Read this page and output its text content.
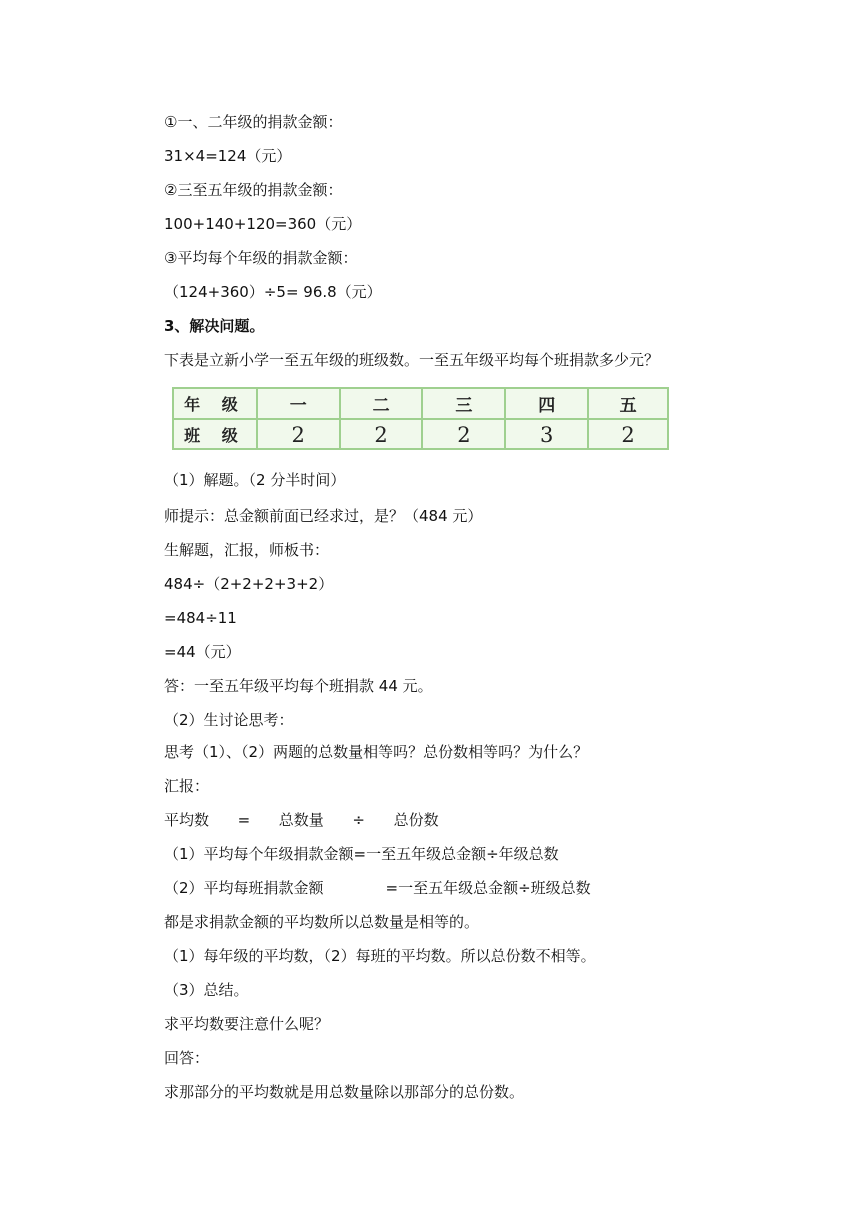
①一、二年级的捐款金额：
31×4=124（元）
②三至五年级的捐款金额：
100+140+120=360（元）
③平均每个年级的捐款金额：
（124+360）÷5= 96.8（元）
3、解决问题。
下表是立新小学一至五年级的班级数。一至五年级平均每个班捐款多少元？
年 级	一	二	三	四	五
班 级	2	2	2	3	2
（1）解题。（2 分半时间）
师提示：总金额前面已经求过，是？（484 元）
生解题，汇报，师板书：
484÷（2+2+2+3+2）
=484÷11
=44（元）
答：一至五年级平均每个班捐款 44 元。
（2）生讨论思考：
思考（1）、（2）两题的总数量相等吗？总份数相等吗？为什么？
汇报：
平均数      =      总数量      ÷      总份数
（1）平均每个年级捐款金额=一至五年级总金额÷年级总数
（2）平均每班捐款金额             =一至五年级总金额÷班级总数
都是求捐款金额的平均数所以总数量是相等的。
（1）每年级的平均数，（2）每班的平均数。所以总份数不相等。
（3）总结。
求平均数要注意什么呢？
回答：
求那部分的平均数就是用总数量除以那部分的总份数。
